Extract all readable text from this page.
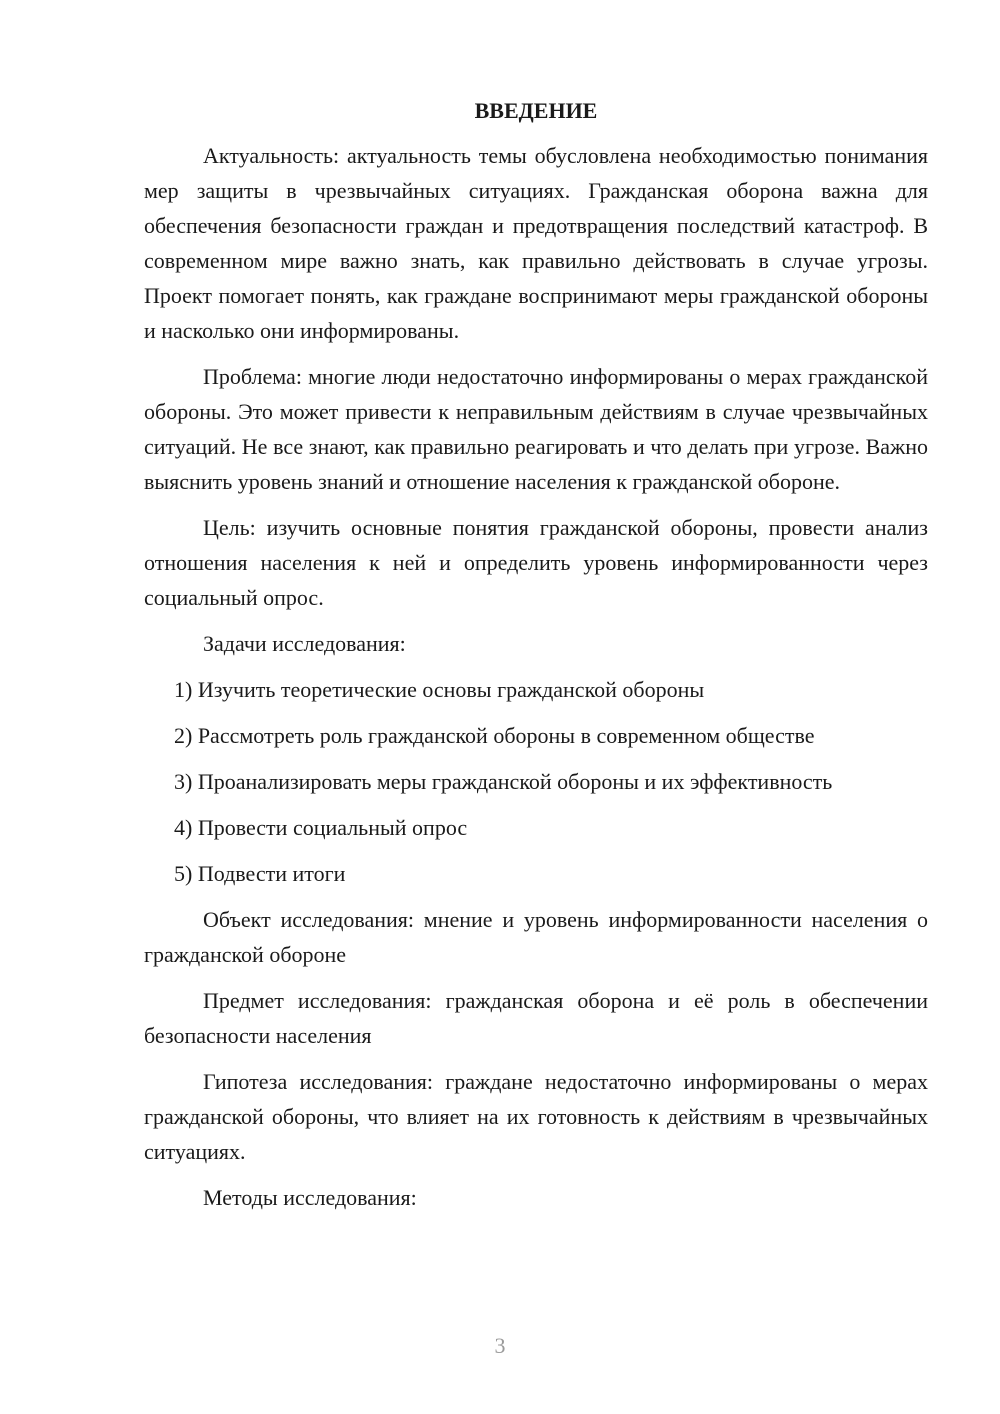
ВВЕДЕНИЕ

Актуальность: актуальность темы обусловлена необходимостью понимания мер защиты в чрезвычайных ситуациях. Гражданская оборона важна для обеспечения безопасности граждан и предотвращения последствий катастроф. В современном мире важно знать, как правильно действовать в случае угрозы. Проект помогает понять, как граждане воспринимают меры гражданской обороны и насколько они информированы.

Проблема: многие люди недостаточно информированы о мерах гражданской обороны. Это может привести к неправильным действиям в случае чрезвычайных ситуаций. Не все знают, как правильно реагировать и что делать при угрозе. Важно выяснить уровень знаний и отношение населения к гражданской обороне.

Цель: изучить основные понятия гражданской обороны, провести анализ отношения населения к ней и определить уровень информированности через социальный опрос.

Задачи исследования:

1) Изучить теоретические основы гражданской обороны

2) Рассмотреть роль гражданской обороны в современном обществе

3) Проанализировать меры гражданской обороны и их эффективность

4) Провести социальный опрос

5) Подвести итоги

Объект исследования: мнение и уровень информированности населения о гражданской обороне

Предмет исследования: гражданская оборона и её роль в обеспечении безопасности населения

Гипотеза исследования: граждане недостаточно информированы о мерах гражданской обороны, что влияет на их готовность к действиям в чрезвычайных ситуациях.

Методы исследования:

3
